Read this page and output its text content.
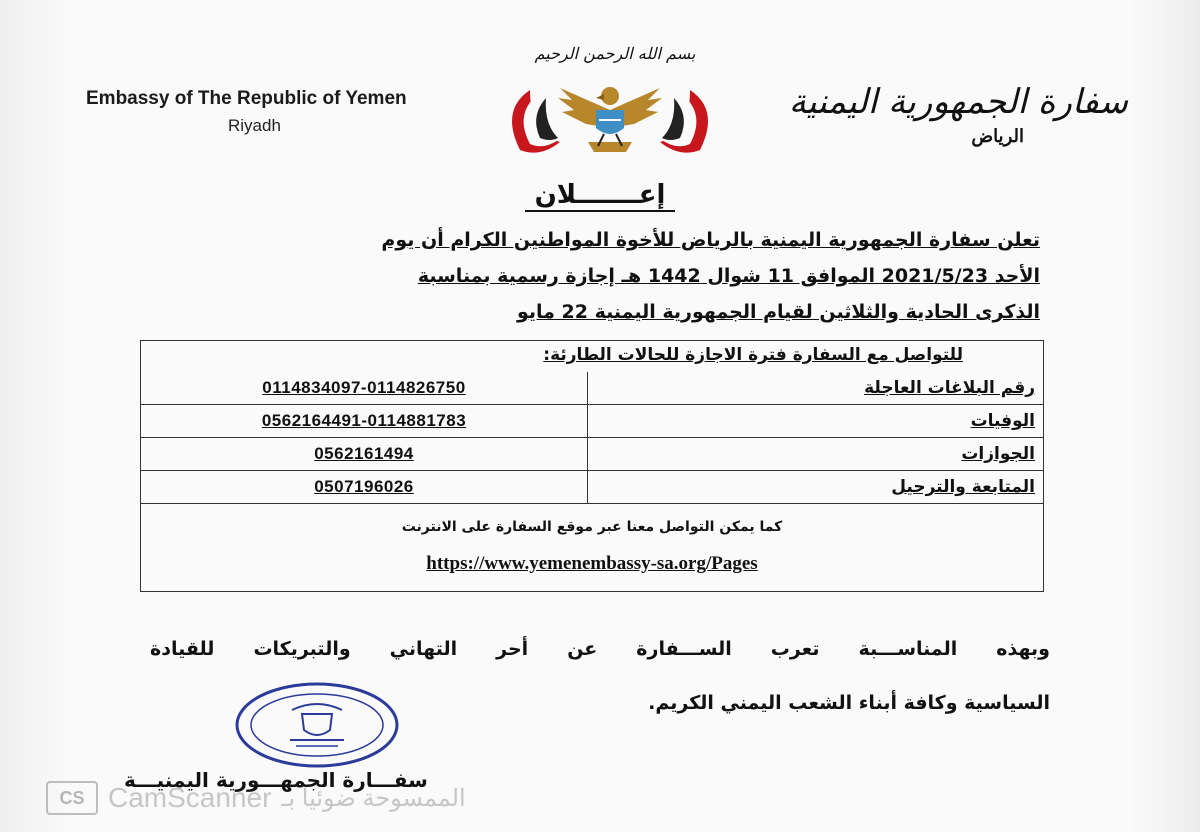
بسم الله الرحمن الرحيم
Embassy of The Republic of Yemen
Riyadh
سفارة الجمهورية اليمنية
الرياض
إعـــــــلان
تعلن سفارة الجمهورية اليمنية بالرياض للأخوة المواطنين الكرام أن يوم
الأحد 2021/5/23 الموافق 11 شوال 1442 هـ إجازة رسمية بمناسبة
الذكرى الحادية والثلاثين لقيام الجمهورية اليمنية 22 مايو
للتواصل مع السفارة فترة الاجازة للحالات الطارئة:
0114834097-0114826750	رقم البلاغات العاجلة
0562164491-0114881783	الوفيات
0562161494	الجوازات
0507196026	المتابعة والترحيل
كما يمكن التواصل معنا عبر موقع السفارة على الانترنت
https://www.yemenembassy-sa.org/Pages
وبهذه المناســـبة تعرب الســـفارة عن أحر التهاني والتبريكات للقيادة
السياسية وكافة أبناء الشعب اليمني الكريم.
سفـــارة الجمهـــورية اليمنيـــة
CS CamScanner الممسوحة ضوئيا بـ
